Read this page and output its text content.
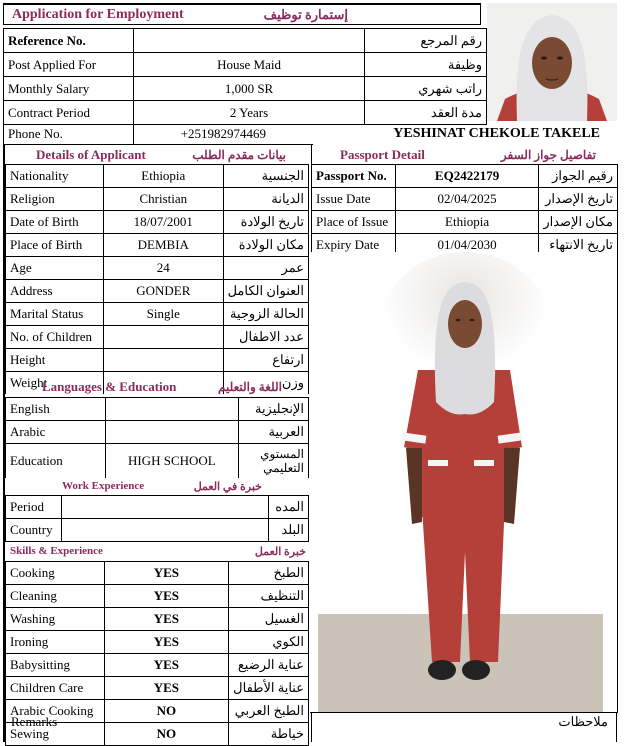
Application for Employment	إستمارة توظيف
Reference No.		رقم المرجع
Post Applied For	House Maid	وظيفة
Monthly Salary	1,000 SR	راتب شهري
Contract Period	2 Years	مدة العقد
Phone No.	+251982974469	YESHINAT CHEKOLE TAKELE
Details of Applicant	بيانات مقدم الطلب
Nationality	Ethiopia	الجنسية
Religion	Christian	الديانة
Date of Birth	18/07/2001	تاريخ الولادة
Place of Birth	DEMBIA	مكان الولادة
Age	24	عمر
Address	GONDER	العنوان الكامل
Marital Status	Single	الحالة الزوجية
No. of Children		عدد الاطفال
Height		ارتفاع
Weight		وزن
Languages & Education	اللغة والتعليم
English		الإنجليزية
Arabic		العربية
Education	HIGH SCHOOL	المستوي التعليمي
Work Experience	خبرة في العمل
Period		المده
Country		البلد
Skills & Experience	خبرة العمل
Cooking	YES	الطبخ
Cleaning	YES	التنظيف
Washing	YES	الغسيل
Ironing	YES	الكوي
Babysitting	YES	عناية الرضيع
Children Care	YES	عناية الأطفال
Arabic Cooking	NO	الطبخ العربي
Sewing	NO	خياطة
Passport Detail	تفاصيل جواز السفر
Passport No.	EQ2422179	رقيم الجواز
Issue Date	02/04/2025	تاريخ الإصدار
Place of Issue	Ethiopia	مكان الإصدار
Expiry Date	01/04/2030	تاريخ الانتهاء
Remarks	ملاحظات
